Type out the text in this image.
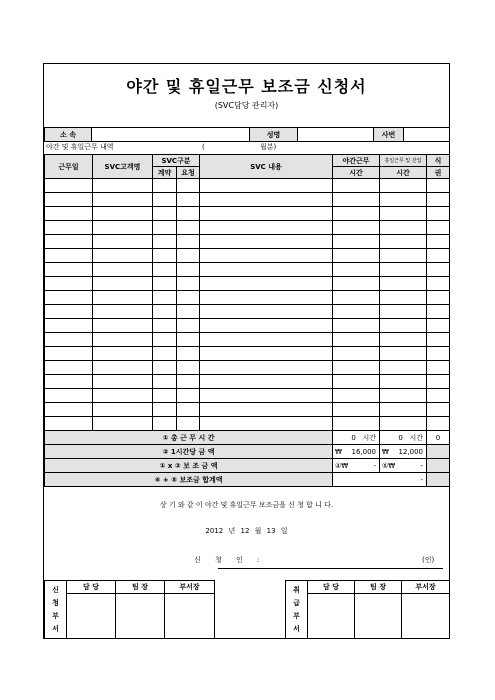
야간 및 휴일근무 보조금 신청서
(SVC담당 관리자)
소 속		성명		사번	
야간 및 휴일근무 내역	(	월분)
근무일	SVC고객명	SVC구분		SVC 내용	야간근무	휴일근무 및 잔업	식
		계약	요청		시간	시간	권

① 총 근 무 시 간					0 시간	0 시간	0
② 1시간당 금 액					₩ 16,000	₩ 12,000	

① x ② 보 조 금 액					④₩ -	⑤₩ -	

④ + ⑤ 보조금 합계액					-		
상 기 와 같 이 야간 및 휴일근무 보조금을 신 청 합 니 다.
2012 년 12 월 13 일
신 청 인 :	(인)
신
청
부
서	담 당	팀 장	부서장
			취
급
부
서	담 당	팀 장	부서장
